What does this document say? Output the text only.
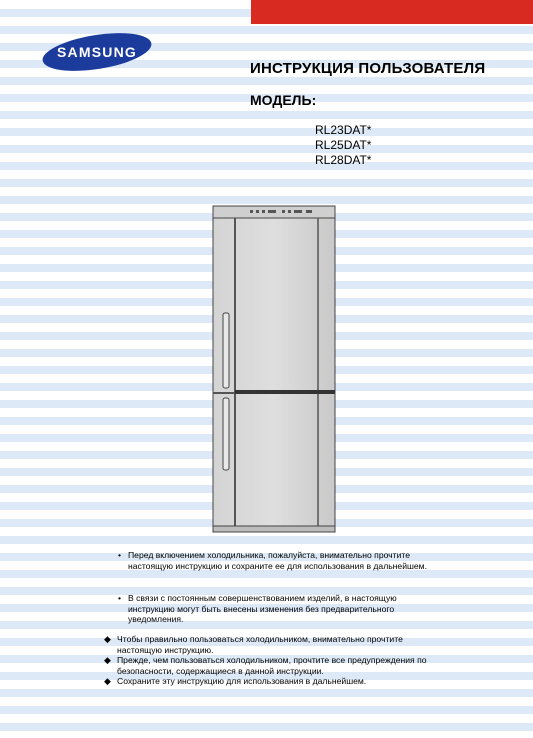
SAMSUNG
ИНСТРУКЦИЯ ПОЛЬЗОВАТЕЛЯ
МОДЕЛЬ:
RL23DAT*
RL25DAT*
RL28DAT*
• Перед включением холодильника, пожалуйста, внимательно прочтите настоящую инструкцию и сохраните ее для использования в дальнейшем.
• В связи с постоянным совершенствованием изделий, в настоящую инструкцию могут быть внесены изменения без предварительного уведомления.
◆ Чтобы правильно пользоваться холодильником, внимательно прочтите настоящую инструкцию.
◆ Прежде, чем пользоваться холодильником, прочтите все предупреждения по безопасности, содержащиеся в данной инструкции.
◆ Сохраните эту инструкцию для использования в дальнейшем.
